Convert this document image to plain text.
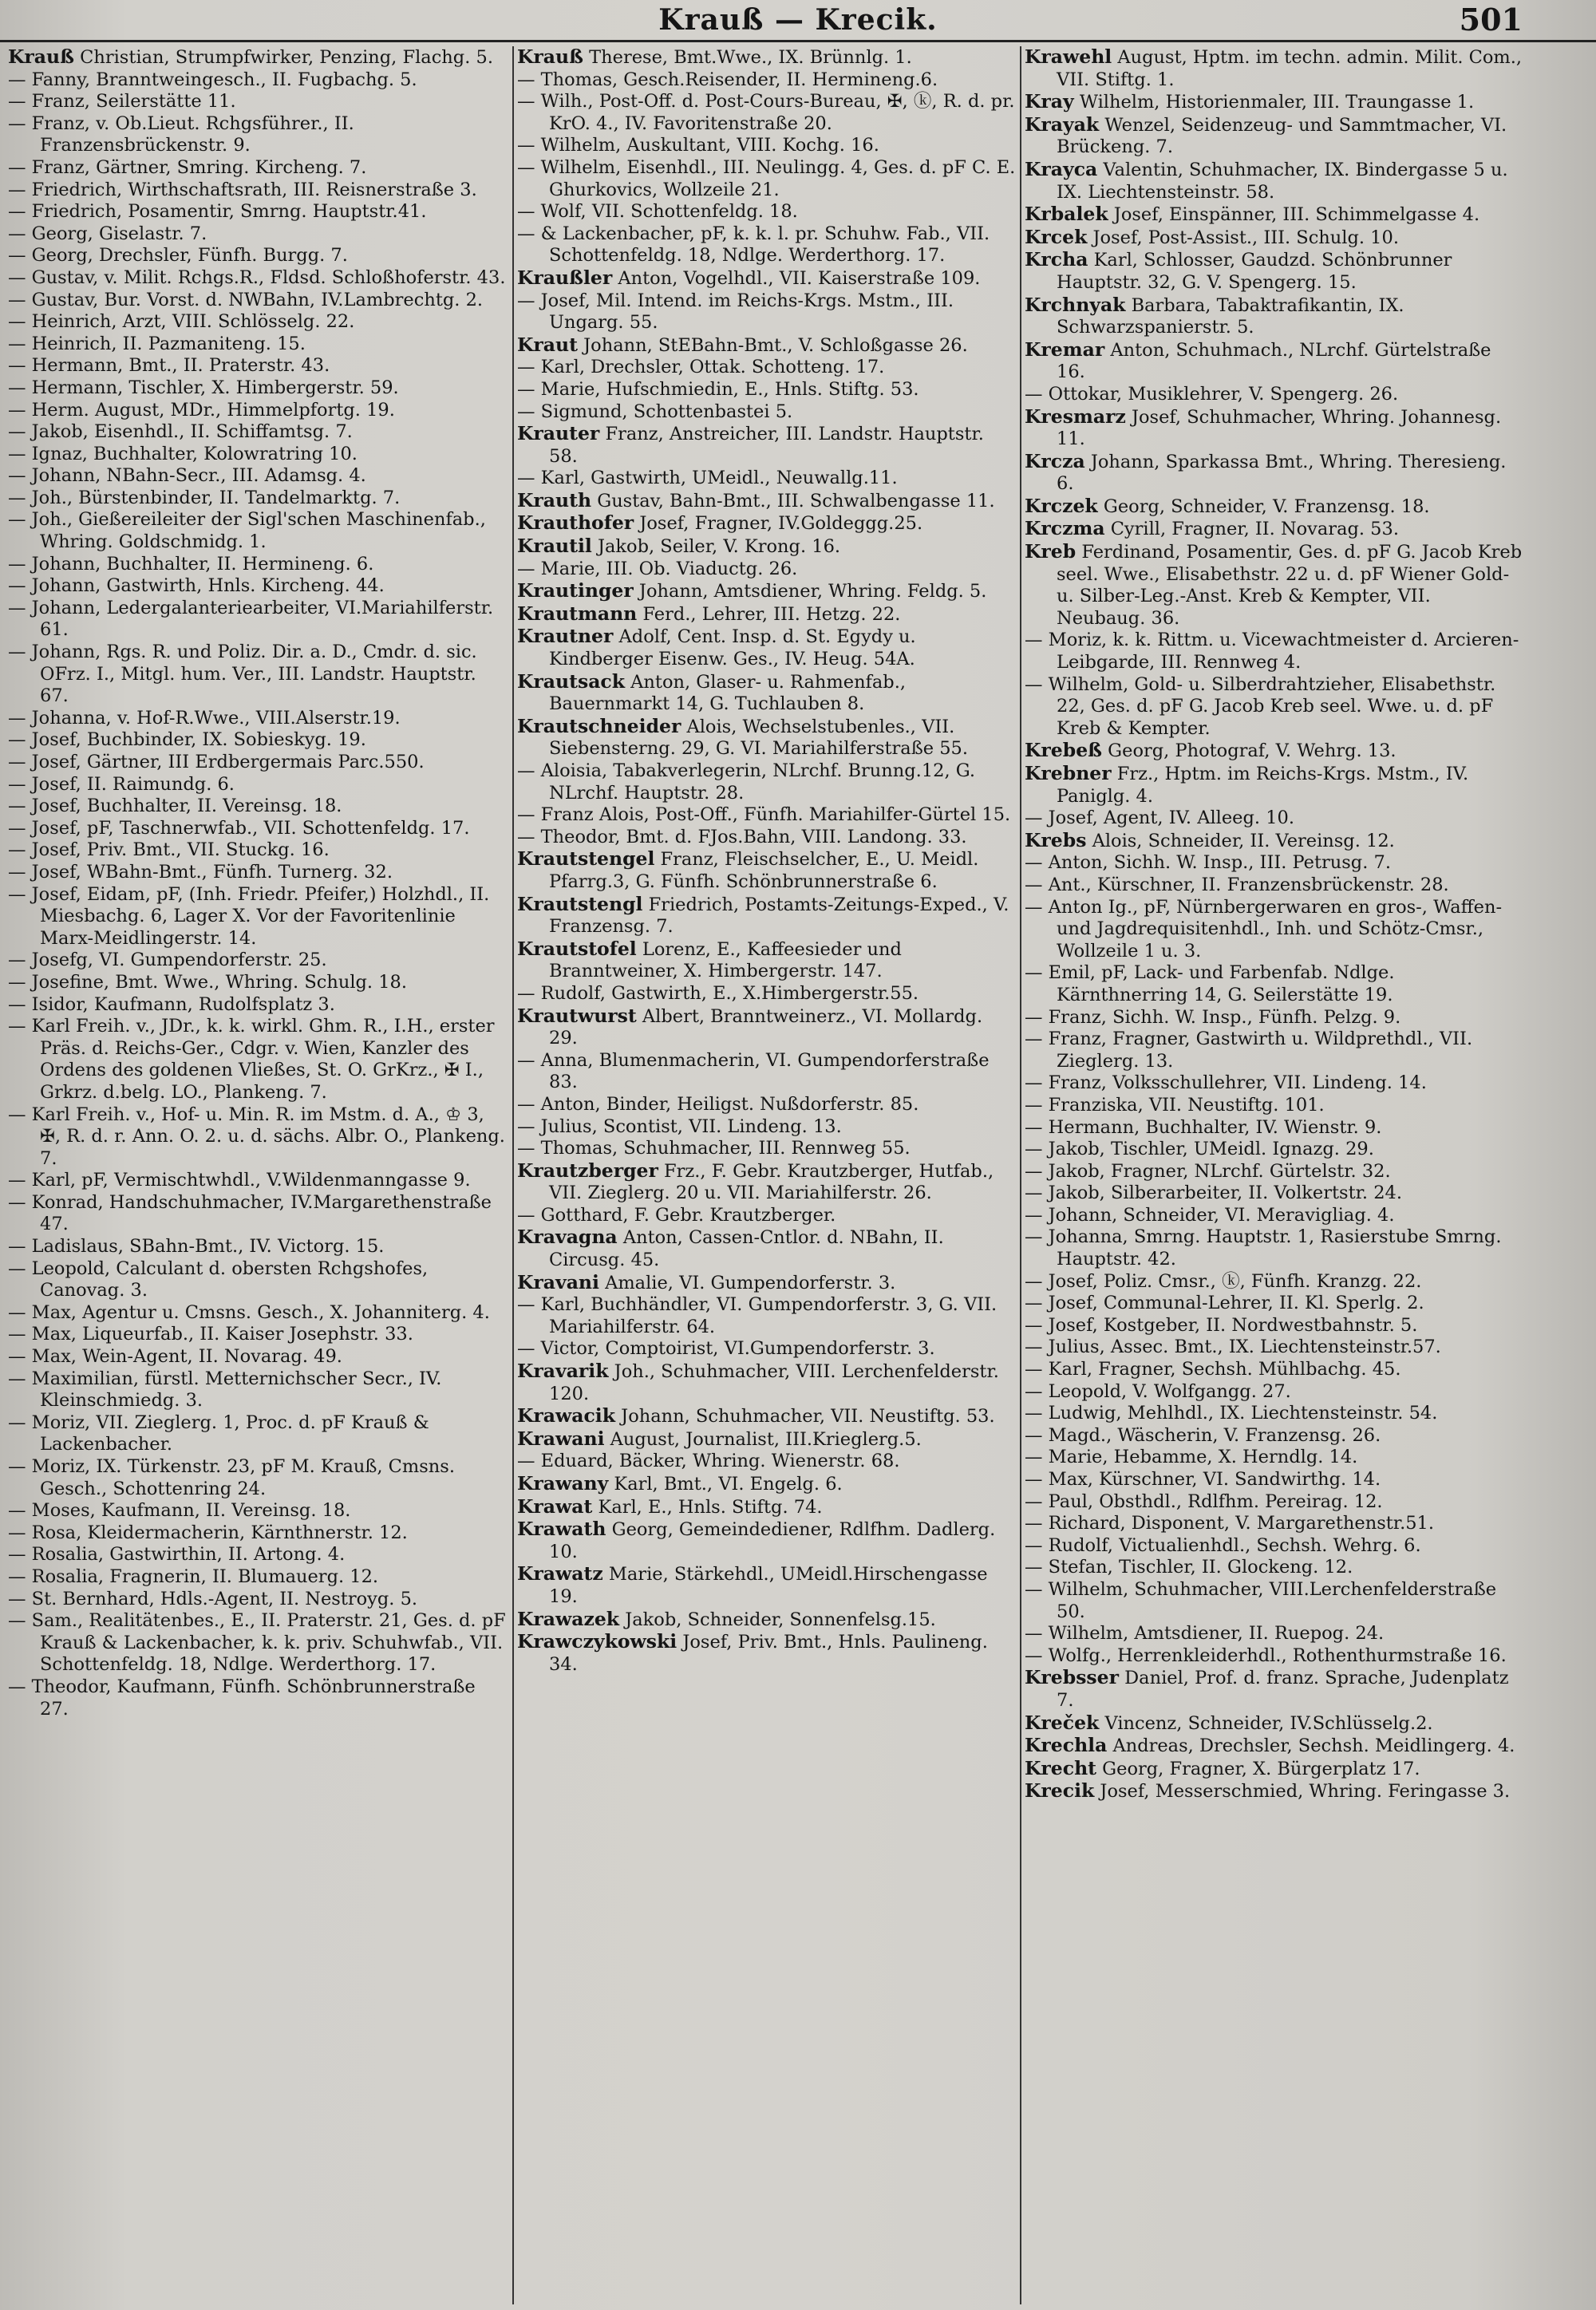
Krauß — Krecik.	501
Krauß Christian, Strumpfwirker, Penzing, Flachg. 5.
— Fanny, Branntweingesch., II. Fugbachg. 5.
— Franz, Seilerstätte 11.
— Franz, v. Ob.Lieut. Rchgsführer., II. Franzensbrückenstr. 9.
— Franz, Gärtner, Smring. Kircheng. 7.
— Friedrich, Wirthschaftsrath, III. Reisnerstraße 3.
— Friedrich, Posamentir, Smrng. Hauptstr.41.
— Georg, Giselastr. 7.
— Georg, Drechsler, Fünfh. Burgg. 7.
— Gustav, v. Milit. Rchgs.R., Fldsd. Schloßhoferstr. 43.
— Gustav, Bur. Vorst. d. NWBahn, IV.Lambrechtg. 2.
— Heinrich, Arzt, VIII. Schlösselg. 22.
— Heinrich, II. Pazmaniteng. 15.
— Hermann, Bmt., II. Praterstr. 43.
— Hermann, Tischler, X. Himbergerstr. 59.
— Herm. August, MDr., Himmelpfortg. 19.
— Jakob, Eisenhdl., II. Schiffamtsg. 7.
— Ignaz, Buchhalter, Kolowratring 10.
— Johann, NBahn-Secr., III. Adamsg. 4.
— Joh., Bürstenbinder, II. Tandelmarktg. 7.
— Joh., Gießereileiter der Sigl'schen Maschinenfab., Whring. Goldschmidg. 1.
— Johann, Buchhalter, II. Hermineng. 6.
— Johann, Gastwirth, Hnls. Kircheng. 44.
— Johann, Ledergalanteriearbeiter, VI.Mariahilferstr. 61.
— Johann, Rgs. R. und Poliz. Dir. a. D., Cmdr. d. sic. OFrz. I., Mitgl. hum. Ver., III. Landstr. Hauptstr. 67.
— Johanna, v. Hof-R.Wwe., VIII.Alserstr.19.
— Josef, Buchbinder, IX. Sobieskyg. 19.
— Josef, Gärtner, III Erdbergermais Parc.550.
— Josef, II. Raimundg. 6.
— Josef, Buchhalter, II. Vereinsg. 18.
— Josef, pF, Taschnerwfab., VII. Schottenfeldg. 17.
— Josef, Priv. Bmt., VII. Stuckg. 16.
— Josef, WBahn-Bmt., Fünfh. Turnerg. 32.
— Josef, Eidam, pF, (Inh. Friedr. Pfeifer,) Holzhdl., II. Miesbachg. 6, Lager X. Vor der Favoritenlinie Marx-Meidlingerstr. 14.
— Josefg, VI. Gumpendorferstr. 25.
— Josefine, Bmt. Wwe., Whring. Schulg. 18.
— Isidor, Kaufmann, Rudolfsplatz 3.
— Karl Freih. v., JDr., k. k. wirkl. Ghm. R., I.H., erster Präs. d. Reichs-Ger., Cdgr. v. Wien, Kanzler des Ordens des goldenen Vließes, St. O. GrKrz., ✠ I., Grkrz. d.belg. LO., Plankeng. 7.
— Karl Freih. v., Hof- u. Min. R. im Mstm. d. A., ♔ 3, ✠, R. d. r. Ann. O. 2. u. d. sächs. Albr. O., Plankeng. 7.
— Karl, pF, Vermischtwhdl., V.Wildenmanngasse 9.
— Konrad, Handschuhmacher, IV.Margarethenstraße 47.
— Ladislaus, SBahn-Bmt., IV. Victorg. 15.
— Leopold, Calculant d. obersten Rchgshofes, Canovag. 3.
— Max, Agentur u. Cmsns. Gesch., X. Johanniterg. 4.
— Max, Liqueurfab., II. Kaiser Josephstr. 33.
— Max, Wein-Agent, II. Novarag. 49.
— Maximilian, fürstl. Metternichscher Secr., IV. Kleinschmiedg. 3.
— Moriz, VII. Zieglerg. 1, Proc. d. pF Krauß & Lackenbacher.
— Moriz, IX. Türkenstr. 23, pF M. Krauß, Cmsns. Gesch., Schottenring 24.
— Moses, Kaufmann, II. Vereinsg. 18.
— Rosa, Kleidermacherin, Kärnthnerstr. 12.
— Rosalia, Gastwirthin, II. Artong. 4.
— Rosalia, Fragnerin, II. Blumauerg. 12.
— St. Bernhard, Hdls.-Agent, II. Nestroyg. 5.
— Sam., Realitätenbes., E., II. Praterstr. 21, Ges. d. pF Krauß & Lackenbacher, k. k. priv. Schuhwfab., VII. Schottenfeldg. 18, Ndlge. Werderthorg. 17.
— Theodor, Kaufmann, Fünfh. Schönbrunnerstraße 27.
Krauß Therese, Bmt.Wwe., IX. Brünnlg. 1.
— Thomas, Gesch.Reisender, II. Hermineng.6.
— Wilh., Post-Off. d. Post-Cours-Bureau, ✠, ⓚ, R. d. pr. KrO. 4., IV. Favoritenstraße 20.
— Wilhelm, Auskultant, VIII. Kochg. 16.
— Wilhelm, Eisenhdl., III. Neulingg. 4, Ges. d. pF C. E. Ghurkovics, Wollzeile 21.
— Wolf, VII. Schottenfeldg. 18.
— & Lackenbacher, pF, k. k. l. pr. Schuhw. Fab., VII. Schottenfeldg. 18, Ndlge. Werderthorg. 17.
Kraußler Anton, Vogelhdl., VII. Kaiserstraße 109.
— Josef, Mil. Intend. im Reichs-Krgs. Mstm., III. Ungarg. 55.
Kraut Johann, StEBahn-Bmt., V. Schloßgasse 26.
— Karl, Drechsler, Ottak. Schotteng. 17.
— Marie, Hufschmiedin, E., Hnls. Stiftg. 53.
— Sigmund, Schottenbastei 5.
Krauter Franz, Anstreicher, III. Landstr. Hauptstr. 58.
— Karl, Gastwirth, UMeidl., Neuwallg.11.
Krauth Gustav, Bahn-Bmt., III. Schwalbengasse 11.
Krauthofer Josef, Fragner, IV.Goldeggg.25.
Krautil Jakob, Seiler, V. Krong. 16.
— Marie, III. Ob. Viaductg. 26.
Krautinger Johann, Amtsdiener, Whring. Feldg. 5.
Krautmann Ferd., Lehrer, III. Hetzg. 22.
Krautner Adolf, Cent. Insp. d. St. Egydy u. Kindberger Eisenw. Ges., IV. Heug. 54A.
Krautsack Anton, Glaser- u. Rahmenfab., Bauernmarkt 14, G. Tuchlauben 8.
Krautschneider Alois, Wechselstubenles., VII. Siebensterng. 29, G. VI. Mariahilferstraße 55.
— Aloisia, Tabakverlegerin, NLrchf. Brunng.12, G. NLrchf. Hauptstr. 28.
— Franz Alois, Post-Off., Fünfh. Mariahilfer-Gürtel 15.
— Theodor, Bmt. d. FJos.Bahn, VIII. Landong. 33.
Krautstengel Franz, Fleischselcher, E., U. Meidl. Pfarrg.3, G. Fünfh. Schönbrunnerstraße 6.
Krautstengl Friedrich, Postamts-Zeitungs-Exped., V. Franzensg. 7.
Krautstofel Lorenz, E., Kaffeesieder und Branntweiner, X. Himbergerstr. 147.
— Rudolf, Gastwirth, E., X.Himbergerstr.55.
Krautwurst Albert, Branntweinerz., VI. Mollardg. 29.
— Anna, Blumenmacherin, VI. Gumpendorferstraße 83.
— Anton, Binder, Heiligst. Nußdorferstr. 85.
— Julius, Scontist, VII. Lindeng. 13.
— Thomas, Schuhmacher, III. Rennweg 55.
Krautzberger Frz., F. Gebr. Krautzberger, Hutfab., VII. Zieglerg. 20 u. VII. Mariahilferstr. 26.
— Gotthard, F. Gebr. Krautzberger.
Kravagna Anton, Cassen-Cntlor. d. NBahn, II. Circusg. 45.
Kravani Amalie, VI. Gumpendorferstr. 3.
— Karl, Buchhändler, VI. Gumpendorferstr. 3, G. VII. Mariahilferstr. 64.
— Victor, Comptoirist, VI.Gumpendorferstr. 3.
Kravarik Joh., Schuhmacher, VIII. Lerchenfelderstr. 120.
Krawacik Johann, Schuhmacher, VII. Neustiftg. 53.
Krawani August, Journalist, III.Krieglerg.5.
— Eduard, Bäcker, Whring. Wienerstr. 68.
Krawany Karl, Bmt., VI. Engelg. 6.
Krawat Karl, E., Hnls. Stiftg. 74.
Krawath Georg, Gemeindediener, Rdlfhm. Dadlerg. 10.
Krawatz Marie, Stärkehdl., UMeidl.Hirschengasse 19.
Krawazek Jakob, Schneider, Sonnenfelsg.15.
Krawczykowski Josef, Priv. Bmt., Hnls. Paulineng. 34.
Krawehl August, Hptm. im techn. admin. Milit. Com., VII. Stiftg. 1.
Kray Wilhelm, Historienmaler, III. Traungasse 1.
Krayak Wenzel, Seidenzeug- und Sammtmacher, VI. Brückeng. 7.
Krayca Valentin, Schuhmacher, IX. Bindergasse 5 u. IX. Liechtensteinstr. 58.
Krbalek Josef, Einspänner, III. Schimmelgasse 4.
Krcek Josef, Post-Assist., III. Schulg. 10.
Krcha Karl, Schlosser, Gaudzd. Schönbrunner Hauptstr. 32, G. V. Spengerg. 15.
Krchnyak Barbara, Tabaktrafikantin, IX. Schwarzspanierstr. 5.
Kremar Anton, Schuhmach., NLrchf. Gürtelstraße 16.
— Ottokar, Musiklehrer, V. Spengerg. 26.
Kresmarz Josef, Schuhmacher, Whring. Johannesg. 11.
Krcza Johann, Sparkassa Bmt., Whring. Theresieng. 6.
Krczek Georg, Schneider, V. Franzensg. 18.
Krczma Cyrill, Fragner, II. Novarag. 53.
Kreb Ferdinand, Posamentir, Ges. d. pF G. Jacob Kreb seel. Wwe., Elisabethstr. 22 u. d. pF Wiener Gold- u. Silber-Leg.-Anst. Kreb & Kempter, VII. Neubaug. 36.
— Moriz, k. k. Rittm. u. Vicewachtmeister d. Arcieren-Leibgarde, III. Rennweg 4.
— Wilhelm, Gold- u. Silberdrahtzieher, Elisabethstr. 22, Ges. d. pF G. Jacob Kreb seel. Wwe. u. d. pF Kreb & Kempter.
Krebeß Georg, Photograf, V. Wehrg. 13.
Krebner Frz., Hptm. im Reichs-Krgs. Mstm., IV. Paniglg. 4.
— Josef, Agent, IV. Alleeg. 10.
Krebs Alois, Schneider, II. Vereinsg. 12.
— Anton, Sichh. W. Insp., III. Petrusg. 7.
— Ant., Kürschner, II. Franzensbrückenstr. 28.
— Anton Ig., pF, Nürnbergerwaren en gros-, Waffen- und Jagdrequisitenhdl., Inh. und Schötz-Cmsr., Wollzeile 1 u. 3.
— Emil, pF, Lack- und Farbenfab. Ndlge. Kärnthnerring 14, G. Seilerstätte 19.
— Franz, Sichh. W. Insp., Fünfh. Pelzg. 9.
— Franz, Fragner, Gastwirth u. Wildprethdl., VII. Zieglerg. 13.
— Franz, Volksschullehrer, VII. Lindeng. 14.
— Franziska, VII. Neustiftg. 101.
— Hermann, Buchhalter, IV. Wienstr. 9.
— Jakob, Tischler, UMeidl. Ignazg. 29.
— Jakob, Fragner, NLrchf. Gürtelstr. 32.
— Jakob, Silberarbeiter, II. Volkertstr. 24.
— Johann, Schneider, VI. Meravigliag. 4.
— Johanna, Smrng. Hauptstr. 1, Rasierstube Smrng. Hauptstr. 42.
— Josef, Poliz. Cmsr., ⓚ, Fünfh. Kranzg. 22.
— Josef, Communal-Lehrer, II. Kl. Sperlg. 2.
— Josef, Kostgeber, II. Nordwestbahnstr. 5.
— Julius, Assec. Bmt., IX. Liechtensteinstr.57.
— Karl, Fragner, Sechsh. Mühlbachg. 45.
— Leopold, V. Wolfgangg. 27.
— Ludwig, Mehlhdl., IX. Liechtensteinstr. 54.
— Magd., Wäscherin, V. Franzensg. 26.
— Marie, Hebamme, X. Herndlg. 14.
— Max, Kürschner, VI. Sandwirthg. 14.
— Paul, Obsthdl., Rdlfhm. Pereirag. 12.
— Richard, Disponent, V. Margarethenstr.51.
— Rudolf, Victualienhdl., Sechsh. Wehrg. 6.
— Stefan, Tischler, II. Glockeng. 12.
— Wilhelm, Schuhmacher, VIII.Lerchenfelderstraße 50.
— Wilhelm, Amtsdiener, II. Ruepog. 24.
— Wolfg., Herrenkleiderhdl., Rothenthurmstraße 16.
Krebsser Daniel, Prof. d. franz. Sprache, Judenplatz 7.
Kreček Vincenz, Schneider, IV.Schlüsselg.2.
Krechla Andreas, Drechsler, Sechsh. Meidlingerg. 4.
Krecht Georg, Fragner, X. Bürgerplatz 17.
Krecik Josef, Messerschmied, Whring. Feringasse 3.
